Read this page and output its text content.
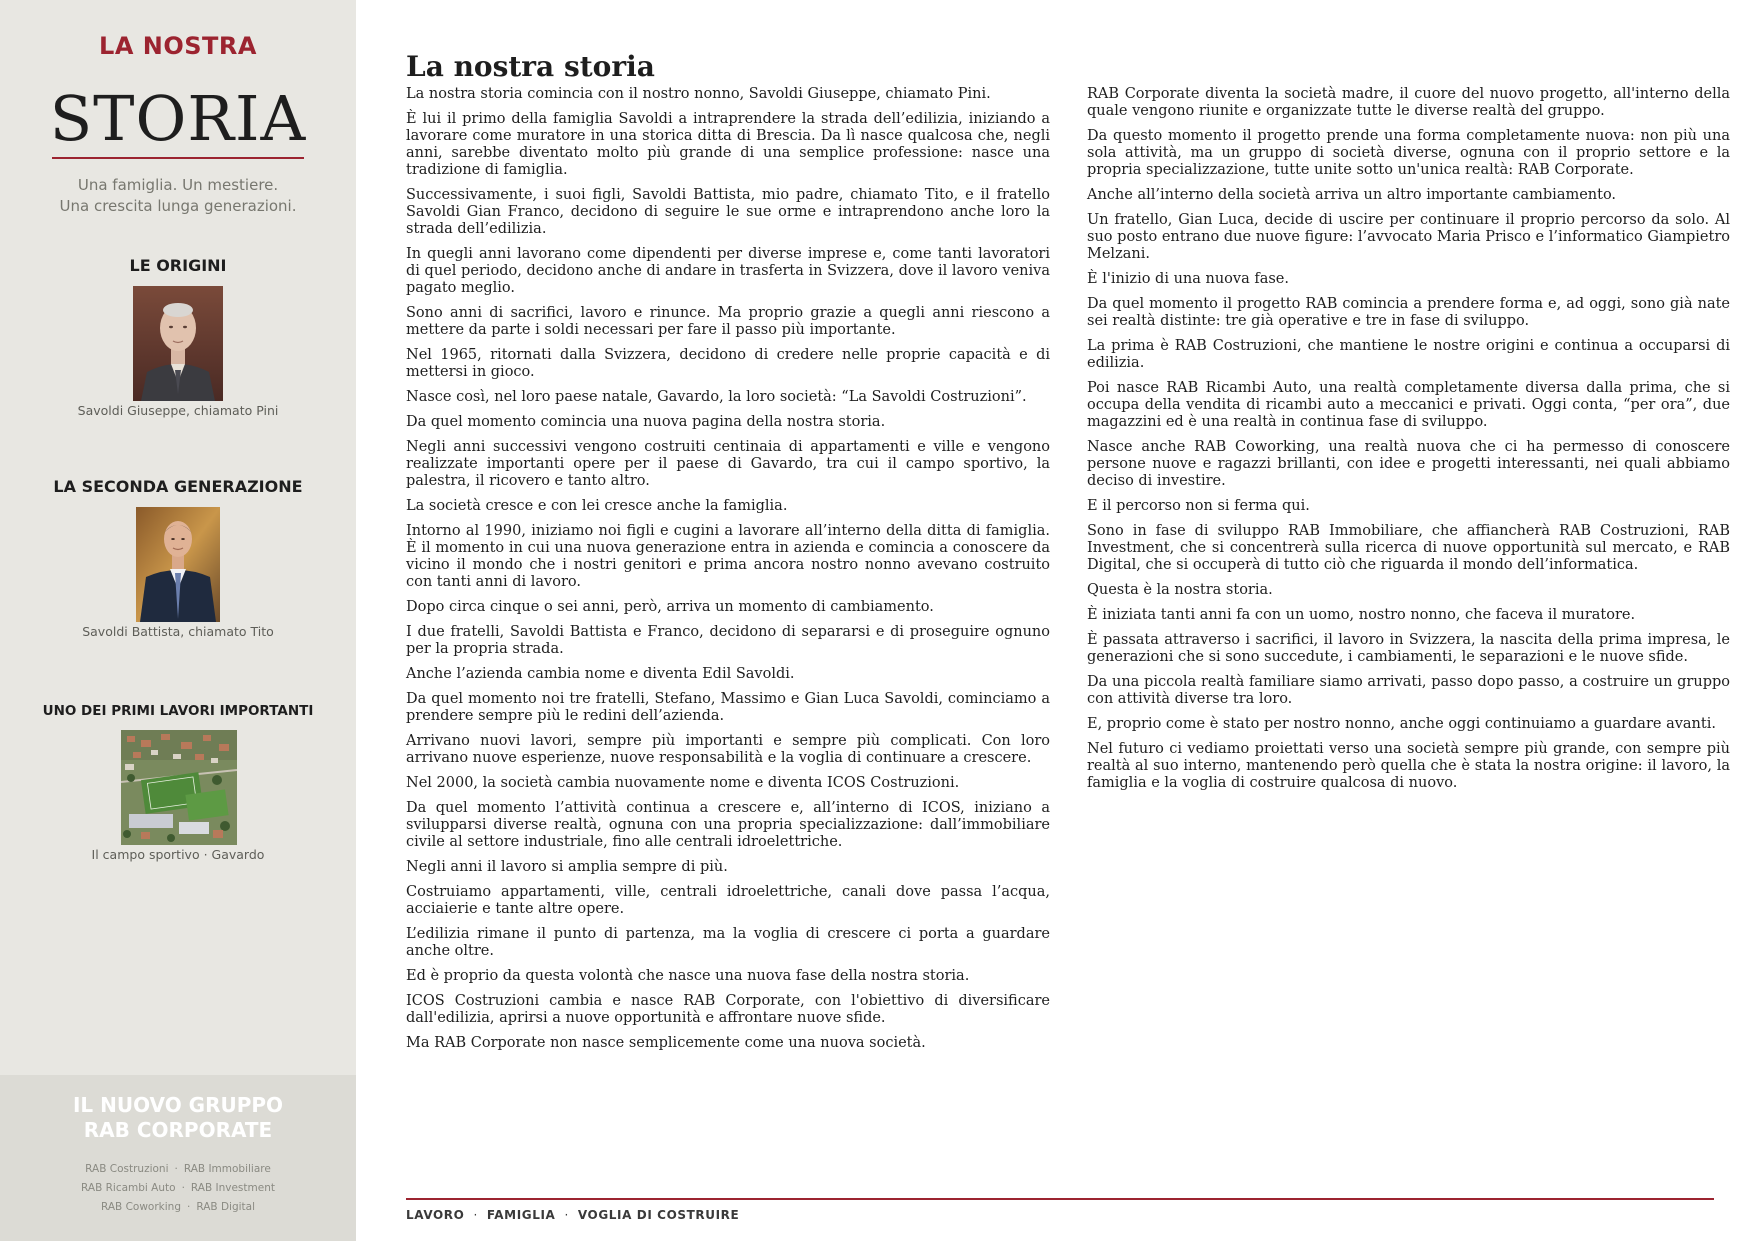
LA NOSTRA
STORIA
Una famiglia. Un mestiere.
Una crescita lunga generazioni.
LE ORIGINI
Savoldi Giuseppe, chiamato Pini
LA SECONDA GENERAZIONE
Savoldi Battista, chiamato Tito
UNO DEI PRIMI LAVORI IMPORTANTI
Il campo sportivo · Gavardo
IL NUOVO GRUPPO
RAB CORPORATE
RAB Costruzioni · RAB Immobiliare
RAB Ricambi Auto · RAB Investment
RAB Coworking · RAB Digital
La nostra storia

La nostra storia comincia con il nostro nonno, Savoldi Giuseppe, chiamato Pini.

È lui il primo della famiglia Savoldi a intraprendere la strada dell’edilizia, iniziando a lavorare come muratore in una storica ditta di Brescia. Da lì nasce qualcosa che, negli anni, sarebbe diventato molto più grande di una semplice professione: nasce una tradizione di famiglia.

Successivamente, i suoi figli, Savoldi Battista, mio padre, chiamato Tito, e il fratello Savoldi Gian Franco, decidono di seguire le sue orme e intraprendono anche loro la strada dell’edilizia.

In quegli anni lavorano come dipendenti per diverse imprese e, come tanti lavoratori di quel periodo, decidono anche di andare in trasferta in Svizzera, dove il lavoro veniva pagato meglio.

Sono anni di sacrifici, lavoro e rinunce. Ma proprio grazie a quegli anni riescono a mettere da parte i soldi necessari per fare il passo più importante.

Nel 1965, ritornati dalla Svizzera, decidono di credere nelle proprie capacità e di mettersi in gioco.

Nasce così, nel loro paese natale, Gavardo, la loro società: “La Savoldi Costruzioni”.

Da quel momento comincia una nuova pagina della nostra storia.

Negli anni successivi vengono costruiti centinaia di appartamenti e ville e vengono realizzate importanti opere per il paese di Gavardo, tra cui il campo sportivo, la palestra, il ricovero e tanto altro.

La società cresce e con lei cresce anche la famiglia.

Intorno al 1990, iniziamo noi figli e cugini a lavorare all’interno della ditta di famiglia. È il momento in cui una nuova generazione entra in azienda e comincia a conoscere da vicino il mondo che i nostri genitori e prima ancora nostro nonno avevano costruito con tanti anni di lavoro.

Dopo circa cinque o sei anni, però, arriva un momento di cambiamento.

I due fratelli, Savoldi Battista e Franco, decidono di separarsi e di proseguire ognuno per la propria strada.

Anche l’azienda cambia nome e diventa Edil Savoldi.

Da quel momento noi tre fratelli, Stefano, Massimo e Gian Luca Savoldi, cominciamo a prendere sempre più le redini dell’azienda.

Arrivano nuovi lavori, sempre più importanti e sempre più complicati. Con loro arrivano nuove esperienze, nuove responsabilità e la voglia di continuare a crescere.

Nel 2000, la società cambia nuovamente nome e diventa ICOS Costruzioni.

Da quel momento l’attività continua a crescere e, all’interno di ICOS, iniziano a svilupparsi diverse realtà, ognuna con una propria specializzazione: dall’immobiliare civile al settore industriale, fino alle centrali idroelettriche.

Negli anni il lavoro si amplia sempre di più.

Costruiamo appartamenti, ville, centrali idroelettriche, canali dove passa l’acqua, acciaierie e tante altre opere.

L’edilizia rimane il punto di partenza, ma la voglia di crescere ci porta a guardare anche oltre.

Ed è proprio da questa volontà che nasce una nuova fase della nostra storia.

ICOS Costruzioni cambia e nasce RAB Corporate, con l'obiettivo di diversificare dall'edilizia, aprirsi a nuove opportunità e affrontare nuove sfide.

Ma RAB Corporate non nasce semplicemente come una nuova società.

RAB Corporate diventa la società madre, il cuore del nuovo progetto, all'interno della quale vengono riunite e organizzate tutte le diverse realtà del gruppo.

Da questo momento il progetto prende una forma completamente nuova: non più una sola attività, ma un gruppo di società diverse, ognuna con il proprio settore e la propria specializzazione, tutte unite sotto un'unica realtà: RAB Corporate.

Anche all’interno della società arriva un altro importante cambiamento.

Un fratello, Gian Luca, decide di uscire per continuare il proprio percorso da solo. Al suo posto entrano due nuove figure: l’avvocato Maria Prisco e l’informatico Giampietro Melzani.

È l'inizio di una nuova fase.

Da quel momento il progetto RAB comincia a prendere forma e, ad oggi, sono già nate sei realtà distinte: tre già operative e tre in fase di sviluppo.

La prima è RAB Costruzioni, che mantiene le nostre origini e continua a occuparsi di edilizia.

Poi nasce RAB Ricambi Auto, una realtà completamente diversa dalla prima, che si occupa della vendita di ricambi auto a meccanici e privati. Oggi conta, “per ora”, due magazzini ed è una realtà in continua fase di sviluppo.

Nasce anche RAB Coworking, una realtà nuova che ci ha permesso di conoscere persone nuove e ragazzi brillanti, con idee e progetti interessanti, nei quali abbiamo deciso di investire.

E il percorso non si ferma qui.

Sono in fase di sviluppo RAB Immobiliare, che affiancherà RAB Costruzioni, RAB Investment, che si concentrerà sulla ricerca di nuove opportunità sul mercato, e RAB Digital, che si occuperà di tutto ciò che riguarda il mondo dell’informatica.

Questa è la nostra storia.

È iniziata tanti anni fa con un uomo, nostro nonno, che faceva il muratore.

È passata attraverso i sacrifici, il lavoro in Svizzera, la nascita della prima impresa, le generazioni che si sono succedute, i cambiamenti, le separazioni e le nuove sfide.

Da una piccola realtà familiare siamo arrivati, passo dopo passo, a costruire un gruppo con attività diverse tra loro.

E, proprio come è stato per nostro nonno, anche oggi continuiamo a guardare avanti.

Nel futuro ci vediamo proiettati verso una società sempre più grande, con sempre più realtà al suo interno, mantenendo però quella che è stata la nostra origine: il lavoro, la famiglia e la voglia di costruire qualcosa di nuovo.

LAVORO · FAMIGLIA · VOGLIA DI COSTRUIRE
